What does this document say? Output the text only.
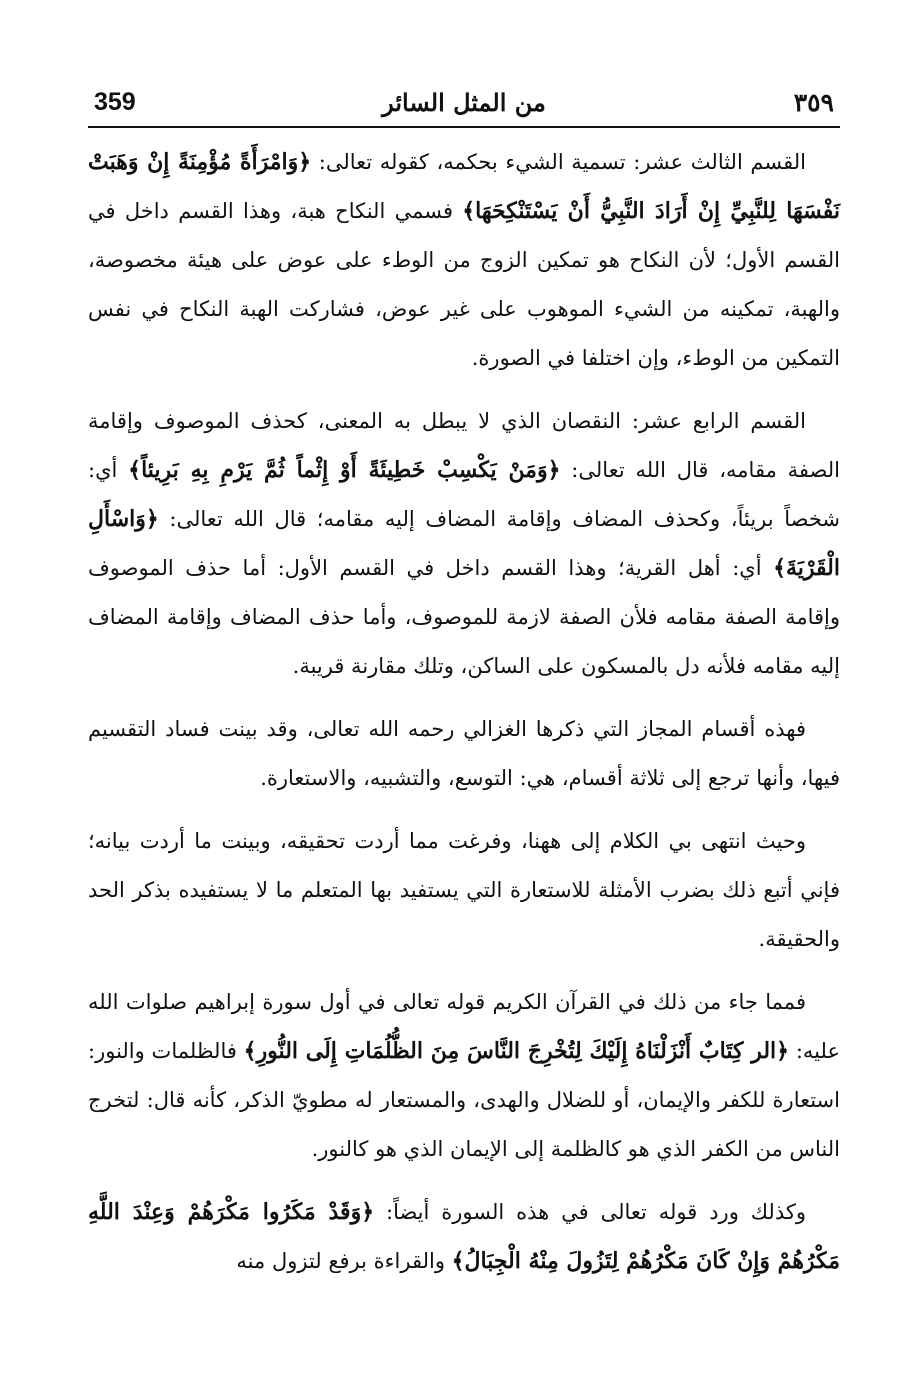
359	من المثل السائر	٣٥٩

القسم الثالث عشر: تسمية الشيء بحكمه، كقوله تعالى: ﴿وَامْرَأَةً مُؤْمِنَةً إِنْ وَهَبَتْ نَفْسَهَا لِلنَّبِيِّ إِنْ أَرَادَ النَّبِيُّ أَنْ يَسْتَنْكِحَهَا﴾ فسمي النكاح هبة، وهذا القسم داخل في القسم الأول؛ لأن النكاح هو تمكين الزوج من الوطء على عوض على هيئة مخصوصة، والهبة، تمكينه من الشيء الموهوب على غير عوض، فشاركت الهبة النكاح في نفس التمكين من الوطء، وإن اختلفا في الصورة.

القسم الرابع عشر: النقصان الذي لا يبطل به المعنى، كحذف الموصوف وإقامة الصفة مقامه، قال الله تعالى: ﴿وَمَنْ يَكْسِبْ خَطِيئَةً أَوْ إِثْماً ثُمَّ يَرْمِ بِهِ بَرِيئاً﴾ أي: شخصاً بريئاً، وكحذف المضاف وإقامة المضاف إليه مقامه؛ قال الله تعالى: ﴿وَاسْأَلِ الْقَرْيَةَ﴾ أي: أهل القرية؛ وهذا القسم داخل في القسم الأول: أما حذف الموصوف وإقامة الصفة مقامه فلأن الصفة لازمة للموصوف، وأما حذف المضاف وإقامة المضاف إليه مقامه فلأنه دل بالمسكون على الساكن، وتلك مقارنة قريبة.

فهذه أقسام المجاز التي ذكرها الغزالي رحمه الله تعالى، وقد بينت فساد التقسيم فيها، وأنها ترجع إلى ثلاثة أقسام، هي: التوسع، والتشبيه، والاستعارة.

وحيث انتهى بي الكلام إلى ههنا، وفرغت مما أردت تحقيقه، وبينت ما أردت بيانه؛ فإني أتبع ذلك بضرب الأمثلة للاستعارة التي يستفيد بها المتعلم ما لا يستفيده بذكر الحد والحقيقة.

فمما جاء من ذلك في القرآن الكريم قوله تعالى في أول سورة إبراهيم صلوات الله عليه: ﴿الر كِتَابٌ أَنْزَلْنَاهُ إِلَيْكَ لِتُخْرِجَ النَّاسَ مِنَ الظُّلُمَاتِ إِلَى النُّورِ﴾ فالظلمات والنور: استعارة للكفر والإيمان، أو للضلال والهدى، والمستعار له مطويّ الذكر، كأنه قال: لتخرج الناس من الكفر الذي هو كالظلمة إلى الإيمان الذي هو كالنور.

وكذلك ورد قوله تعالى في هذه السورة أيضاً: ﴿وَقَدْ مَكَرُوا مَكْرَهُمْ وَعِنْدَ اللَّهِ مَكْرُهُمْ وَإِنْ كَانَ مَكْرُهُمْ لِتَزُولَ مِنْهُ الْجِبَالُ﴾ والقراءة برفع لتزول منه
